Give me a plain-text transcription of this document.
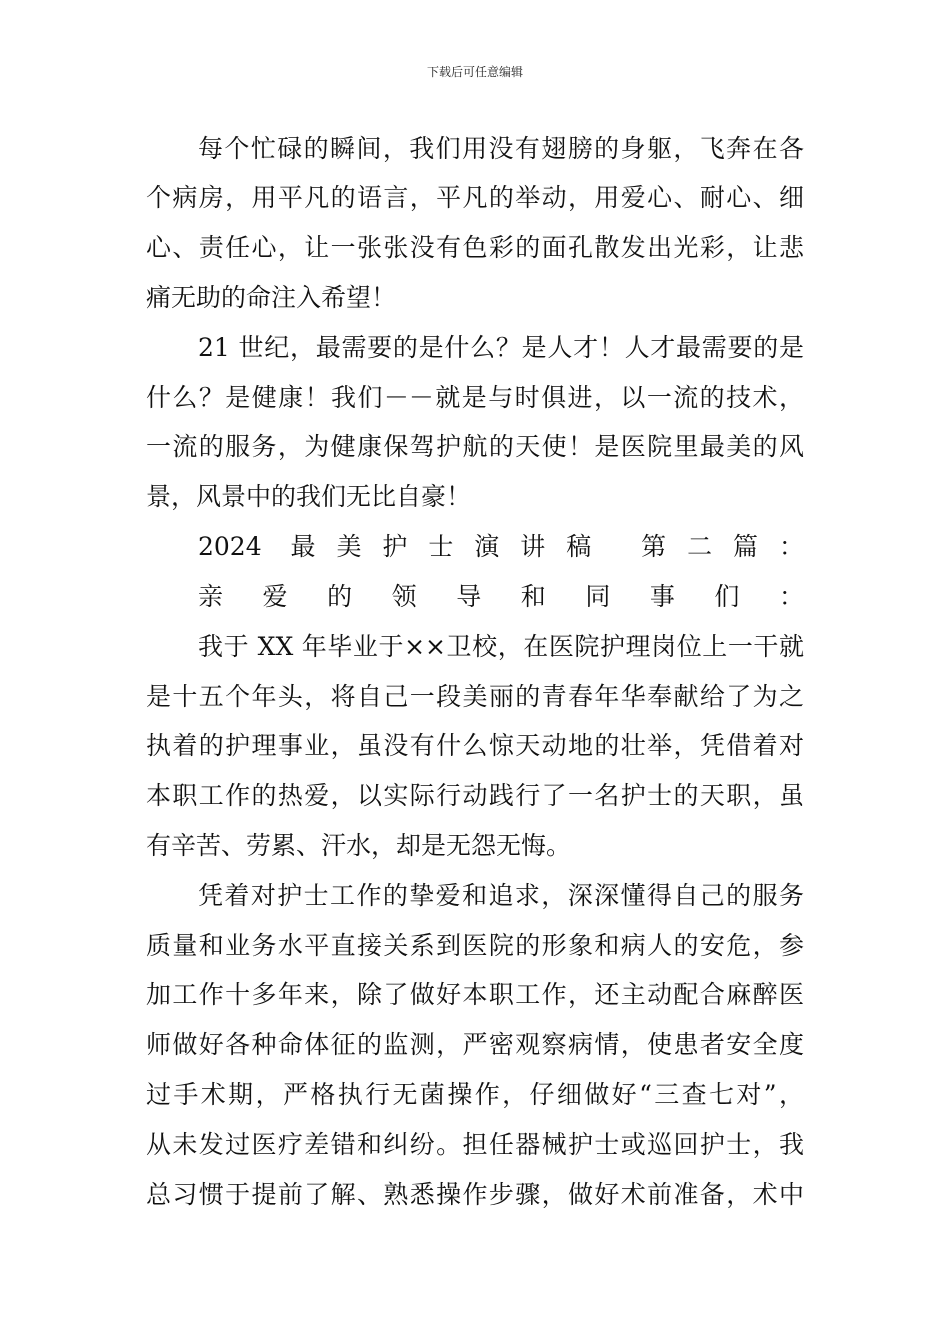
下载后可任意编辑
每个忙碌的瞬间，我们用没有翅膀的身躯，飞奔在各
个病房，用平凡的语言，平凡的举动，用爱心、耐心、细
心、责任心，让一张张没有色彩的面孔散发出光彩，让悲
痛无助的命注入希望！
21 世纪，最需要的是什么？是人才！人才最需要的是
什么？是健康！我们－－就是与时俱进，以一流的技术，
一流的服务，为健康保驾护航的天使！是医院里最美的风
景，风景中的我们无比自豪！
2024 最美护士演讲稿 第二篇：
亲爱的领导和同事们：
我于 XX 年毕业于××卫校，在医院护理岗位上一干就
是十五个年头，将自己一段美丽的青春年华奉献给了为之
执着的护理事业，虽没有什么惊天动地的壮举，凭借着对
本职工作的热爱，以实际行动践行了一名护士的天职，虽
有辛苦、劳累、汗水，却是无怨无悔。
凭着对护士工作的挚爱和追求，深深懂得自己的服务
质量和业务水平直接关系到医院的形象和病人的安危，参
加工作十多年来，除了做好本职工作，还主动配合麻醉医
师做好各种命体征的监测，严密观察病情，使患者安全度
过手术期，严格执行无菌操作，仔细做好“三查七对”，
从未发过医疗差错和纠纷。担任器械护士或巡回护士，我
总习惯于提前了解、熟悉操作步骤，做好术前准备，术中
